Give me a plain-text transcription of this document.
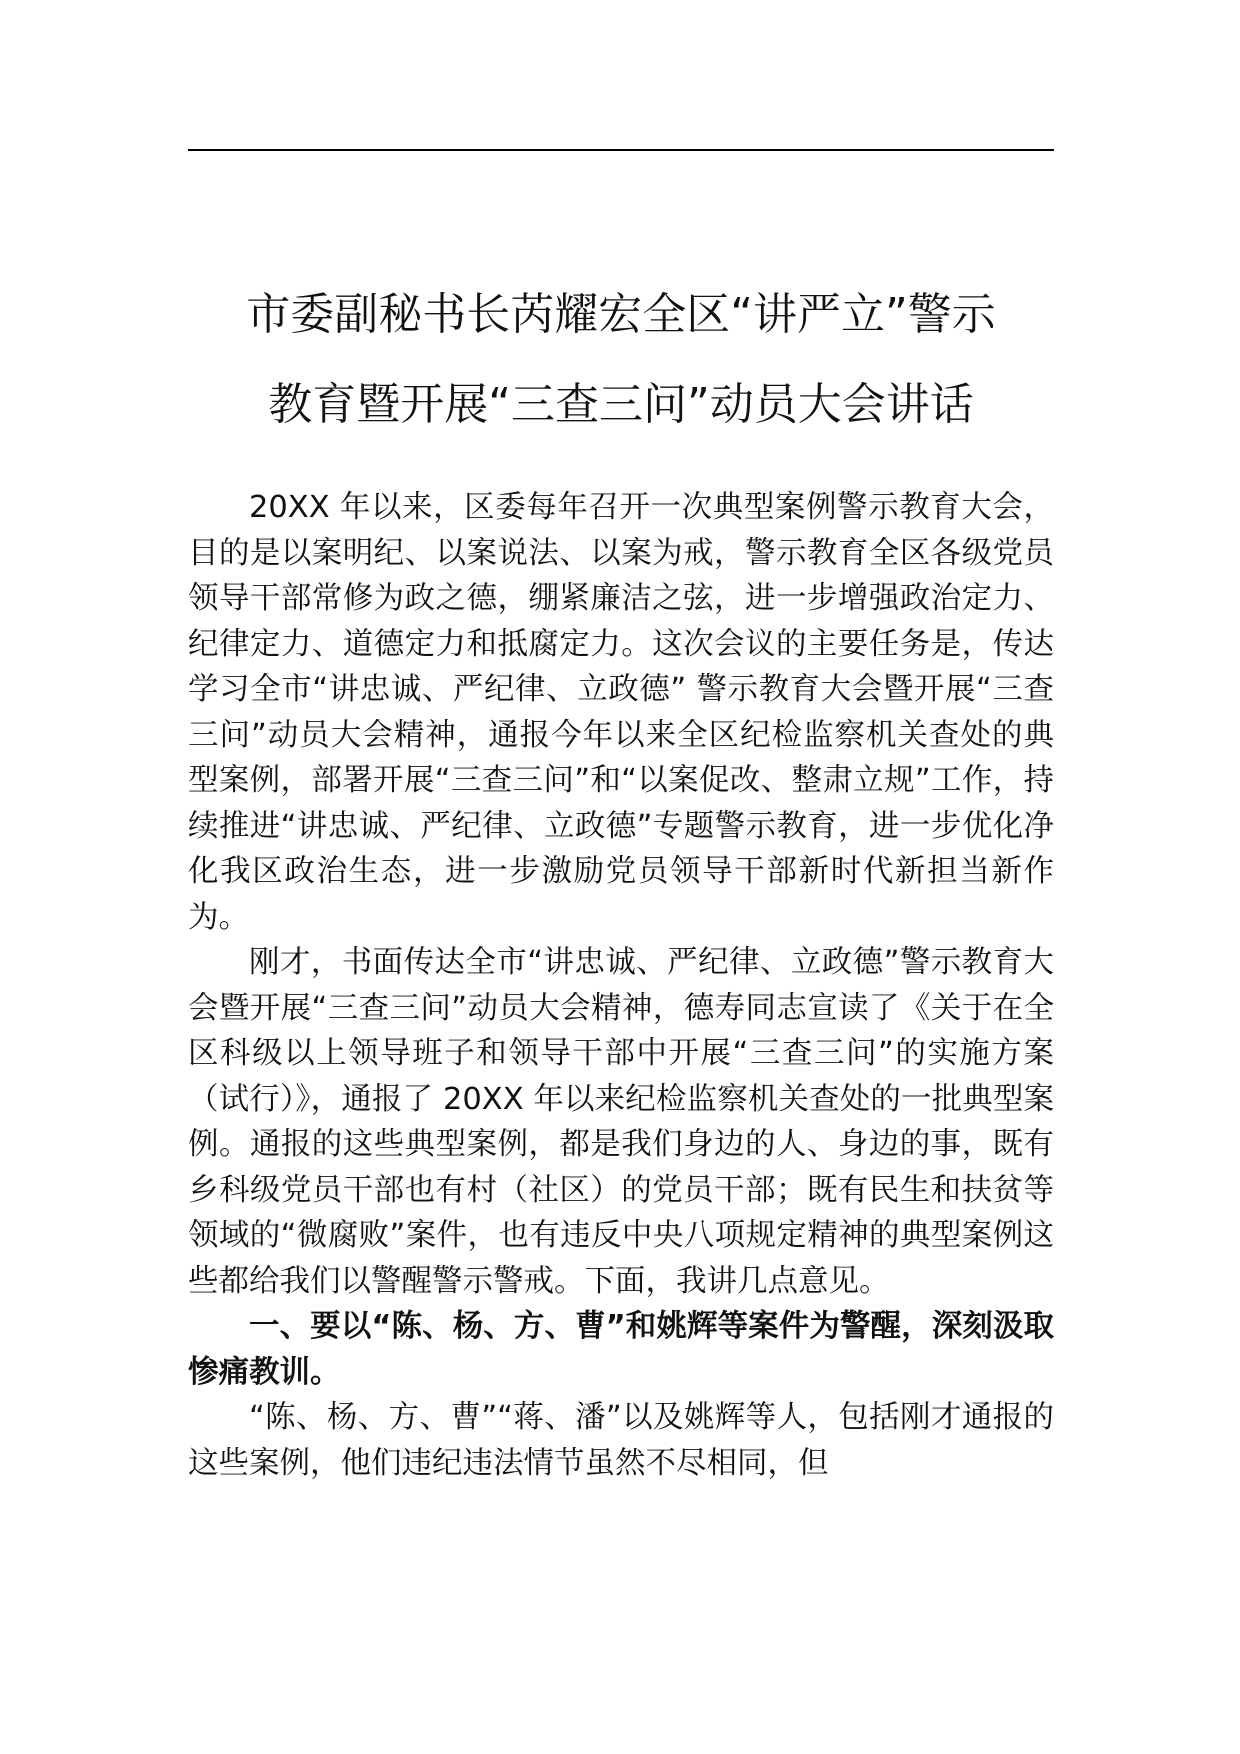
市委副秘书长芮耀宏全区“讲严立”警示
教育暨开展“三查三问”动员大会讲话

20XX 年以来，区委每年召开一次典型案例警示教育大会，目的是以案明纪、以案说法、以案为戒，警示教育全区各级党员领导干部常修为政之德，绷紧廉洁之弦，进一步增强政治定力、纪律定力、道德定力和抵腐定力。这次会议的主要任务是，传达学习全市“讲忠诚、严纪律、立政德” 警示教育大会暨开展“三查三问”动员大会精神，通报今年以来全区纪检监察机关查处的典型案例，部署开展“三查三问”和“以案促改、整肃立规”工作，持续推进“讲忠诚、严纪律、立政德”专题警示教育，进一步优化净化我区政治生态，进一步激励党员领导干部新时代新担当新作为。

刚才，书面传达全市“讲忠诚、严纪律、立政德”警示教育大会暨开展“三查三问”动员大会精神，德寿同志宣读了《关于在全区科级以上领导班子和领导干部中开展“三查三问”的实施方案（试行）》，通报了 20XX 年以来纪检监察机关查处的一批典型案例。通报的这些典型案例，都是我们身边的人、身边的事，既有乡科级党员干部也有村（社区）的党员干部；既有民生和扶贫等领域的“微腐败”案件，也有违反中央八项规定精神的典型案例这些都给我们以警醒警示警戒。下面，我讲几点意见。

一、要以“陈、杨、方、曹”和姚辉等案件为警醒，深刻汲取惨痛教训。

“陈、杨、方、曹”“蒋、潘”以及姚辉等人，包括刚才通报的这些案例，他们违纪违法情节虽然不尽相同，但
